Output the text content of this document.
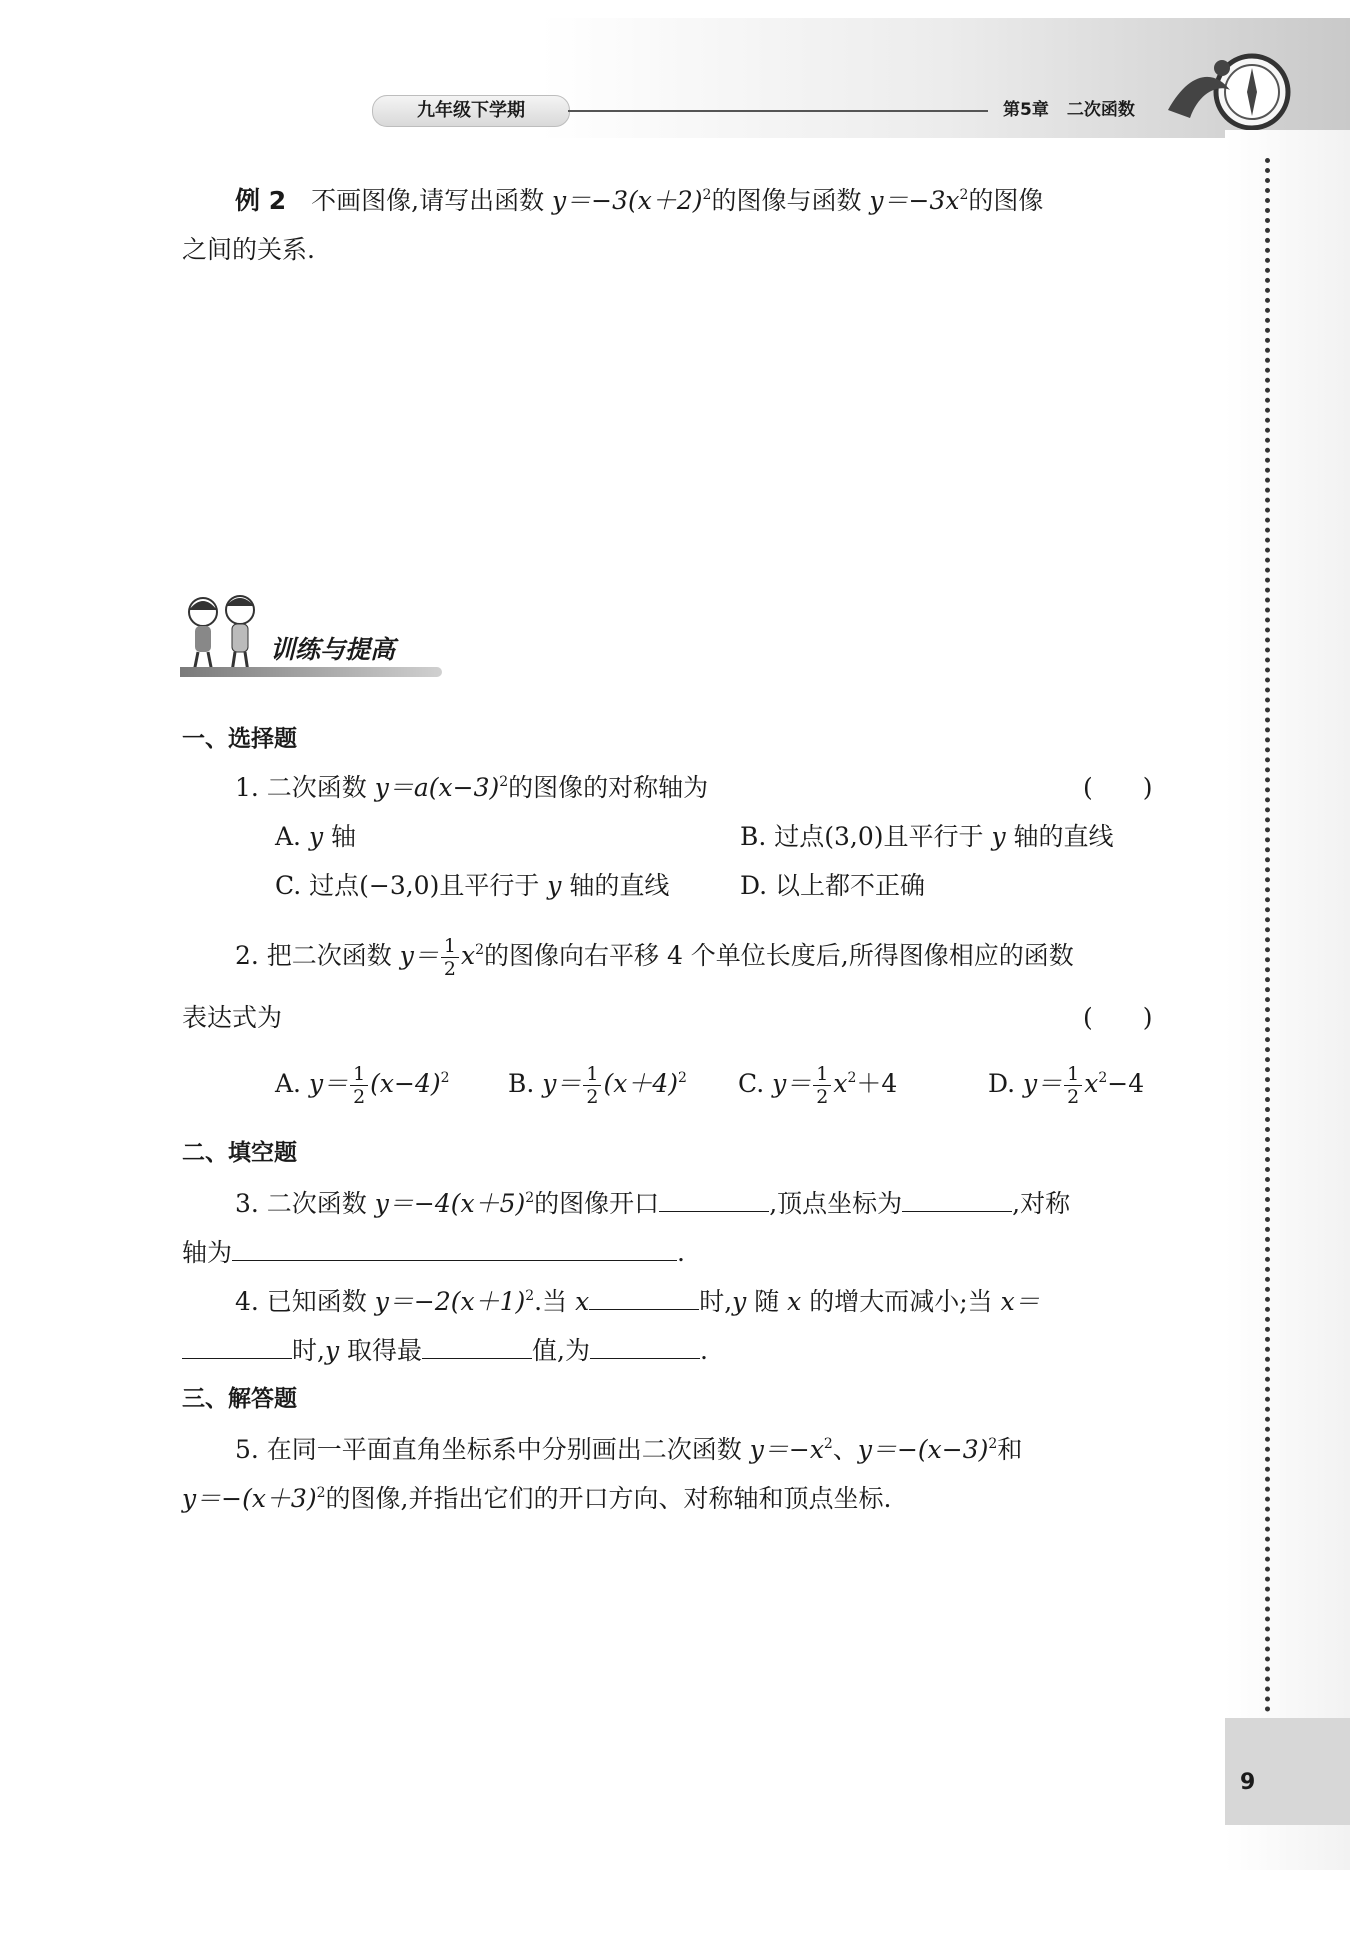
九年级下学期	第5章 二次函数
9
例 2　 不画图像,请写出函数 $y=-3(x+2)^2$的图像与函数 $y=-3x^2$的图像
之间的关系.
训练与提高
一、选择题
1. 二次函数 $y=a(x-3)^2$的图像的对称轴为	(　　)
A. y 轴	B. 过点(3,0)且平行于 y 轴的直线
C. 过点(−3,0)且平行于 y 轴的直线	D. 以上都不正确
2. 把二次函数 $y= \frac{1}{2} x^2$的图像向右平移 4 个单位长度后,所得图像相应的函数
表达式为	(　　)
A. $y= \frac{1}{2} (x-4)^2$ B. $y= \frac{1}{2} (x+4)^2$ C. $y= \frac{1}{2} x^2+4$	D. $y= \frac{1}{2} x^2-4$
二、填空题
3. 二次函数 $y=-4(x+5)^2$的图像开口	,顶点坐标为	,对称
轴为	.
4. 已知函数 $y=-2(x+1)^2$.当 x	时,y 随 x 的增大而减小;当 x＝
时,y 取得最	值,为	.
三、解答题
5. 在同一平面直角坐标系中分别画出二次函数 $y=-x^2$、$y=-(x-3)^2$和
$y=-(x+3)^2$的图像,并指出它们的开口方向、对称轴和顶点坐标.
